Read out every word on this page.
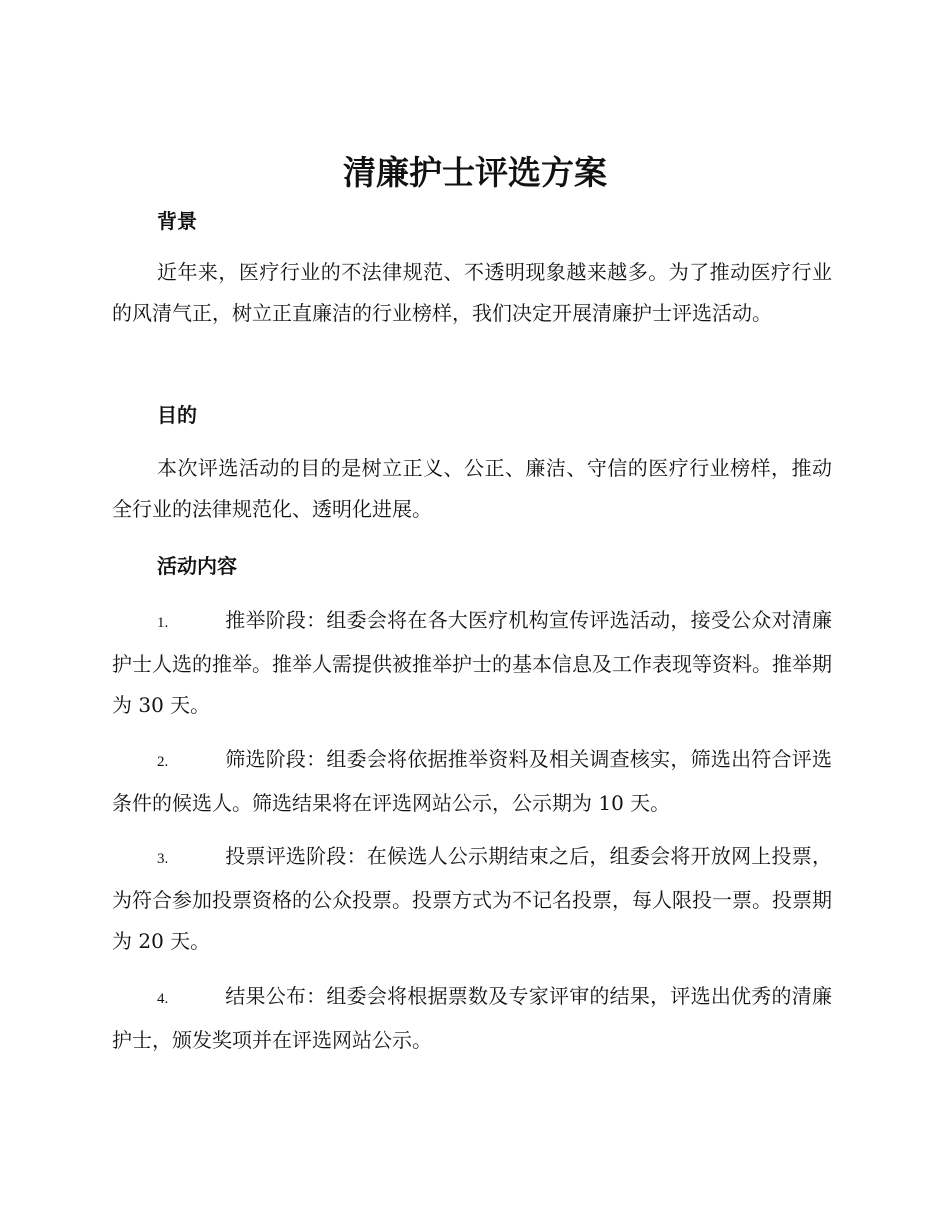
清廉护士评选方案
背景

近年来，医疗行业的不法律规范、不透明现象越来越多。为了推动医疗行业的风清气正，树立正直廉洁的行业榜样，我们决定开展清廉护士评选活动。

目的

本次评选活动的目的是树立正义、公正、廉洁、守信的医疗行业榜样，推动全行业的法律规范化、透明化进展。

活动内容

1.	推举阶段：组委会将在各大医疗机构宣传评选活动，接受公众对清廉护士人选的推举。推举人需提供被推举护士的基本信息及工作表现等资料。推举期为 30 天。

2.	筛选阶段：组委会将依据推举资料及相关调查核实，筛选出符合评选条件的候选人。筛选结果将在评选网站公示，公示期为 10 天。

3.	投票评选阶段：在候选人公示期结束之后，组委会将开放网上投票，为符合参加投票资格的公众投票。投票方式为不记名投票，每人限投一票。投票期为 20 天。

4.	结果公布：组委会将根据票数及专家评审的结果，评选出优秀的清廉护士，颁发奖项并在评选网站公示。
